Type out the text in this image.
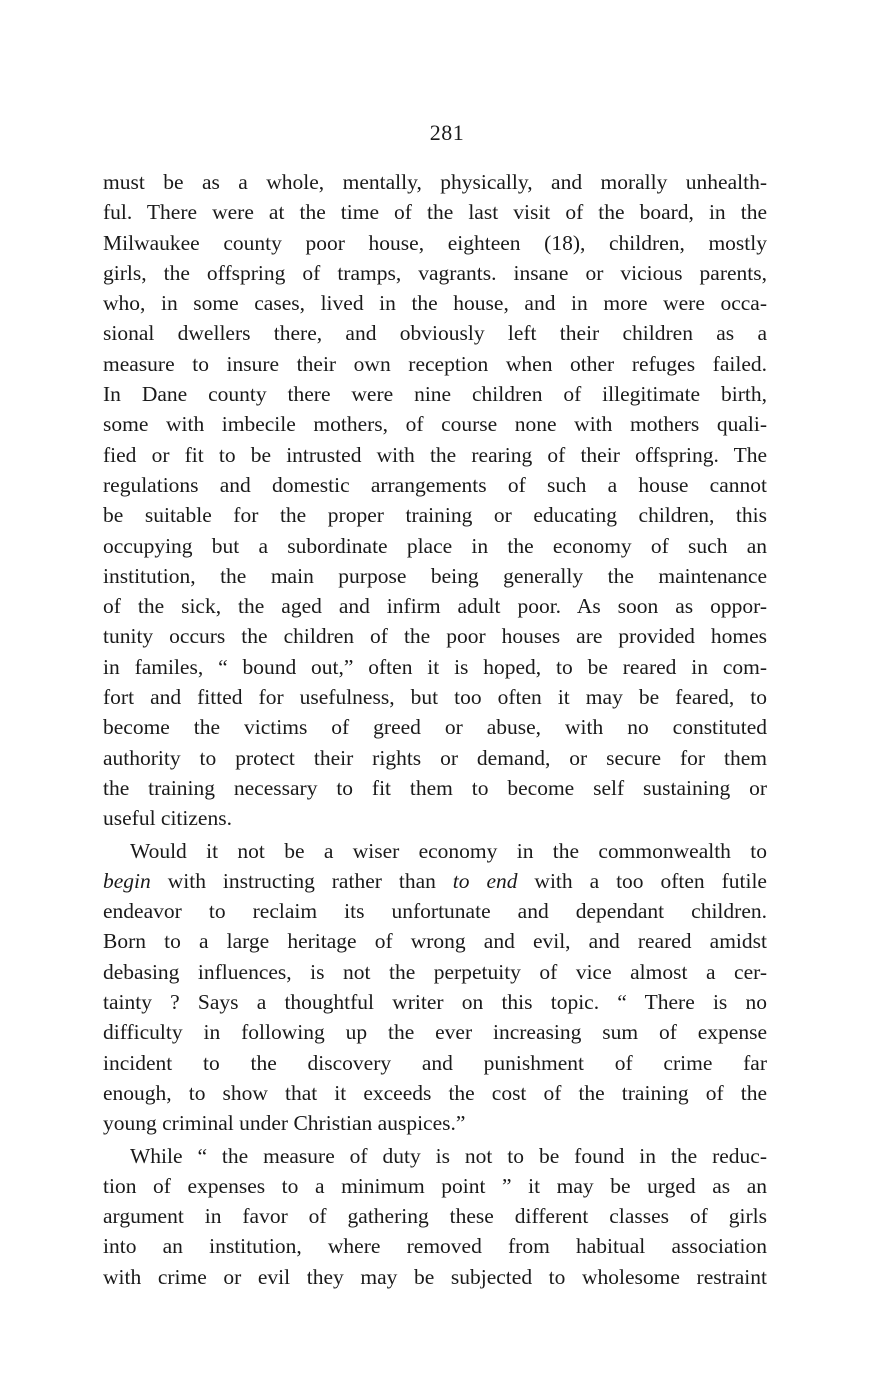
281
must be as a whole, mentally, physically, and morally unhealth-
ful. There were at the time of the last visit of the board, in the
Milwaukee county poor house, eighteen (18), children, mostly
girls, the offspring of tramps, vagrants. insane or vicious parents,
who, in some cases, lived in the house, and in more were occa-
sional dwellers there, and obviously left their children as a
measure to insure their own reception when other refuges failed.
In Dane county there were nine children of illegitimate birth,
some with imbecile mothers, of course none with mothers quali-
fied or fit to be intrusted with the rearing of their offspring. The
regulations and domestic arrangements of such a house cannot
be suitable for the proper training or educating children, this
occupying but a subordinate place in the economy of such an
institution, the main purpose being generally the maintenance
of the sick, the aged and infirm adult poor. As soon as oppor-
tunity occurs the children of the poor houses are provided homes
in familes, “ bound out,” often it is hoped, to be reared in com-
fort and fitted for usefulness, but too often it may be feared, to
become the victims of greed or abuse, with no constituted
authority to protect their rights or demand, or secure for them
the training necessary to fit them to become self sustaining or
useful citizens.
Would it not be a wiser economy in the commonwealth to
begin with instructing rather than to end with a too often futile
endeavor to reclaim its unfortunate and dependant children.
Born to a large heritage of wrong and evil, and reared amidst
debasing influences, is not the perpetuity of vice almost a cer-
tainty ? Says a thoughtful writer on this topic. “ There is no
difficulty in following up the ever increasing sum of expense
incident to the discovery and punishment of crime far
enough, to show that it exceeds the cost of the training of the
young criminal under Christian auspices.”
While “ the measure of duty is not to be found in the reduc-
tion of expenses to a minimum point ” it may be urged as an
argument in favor of gathering these different classes of girls
into an institution, where removed from habitual association
with crime or evil they may be subjected to wholesome restraint
